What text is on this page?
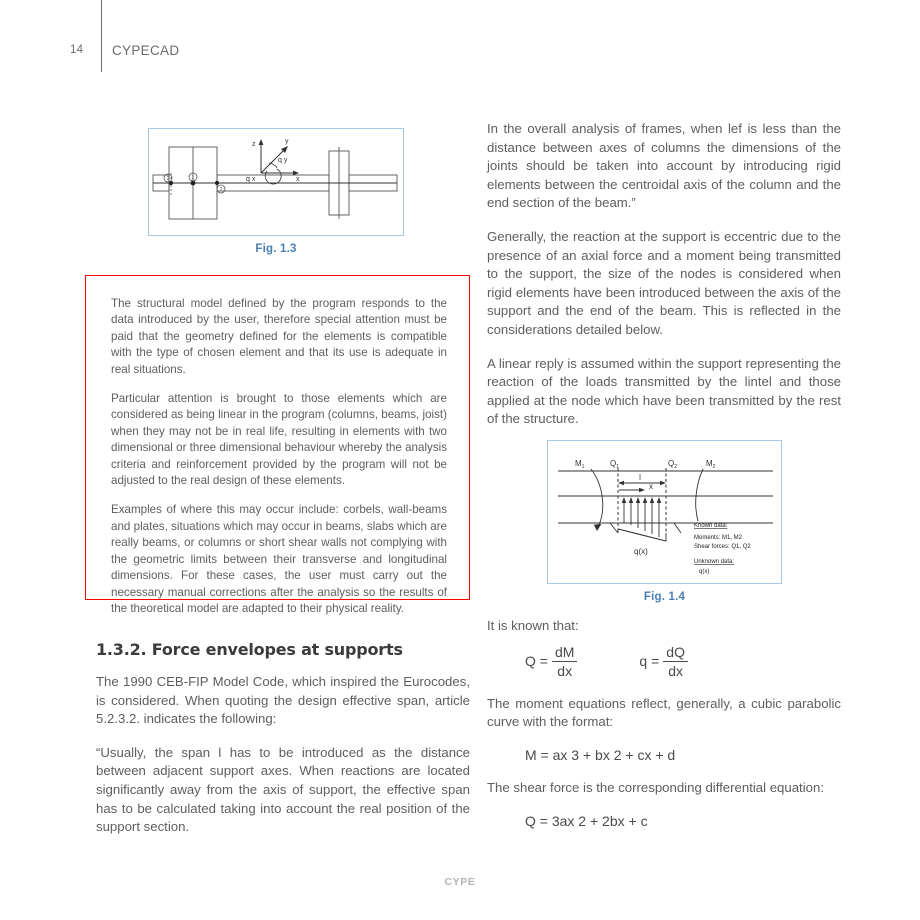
14 CYPECAD
2	1
2
z	y
x
q y
q x
Fig. 1.3

The structural model defined by the program responds to the data introduced by the user, therefore special attention must be paid that the geometry defined for the elements is compatible with the type of chosen element and that its use is adequate in real situations.

Particular attention is brought to those elements which are considered as being linear in the program (columns, beams, joist) when they may not be in real life, resulting in elements with two dimensional or three dimensional behaviour whereby the analysis criteria and reinforcement provided by the program will not be adjusted to the real design of these elements.

Examples of where this may occur include: corbels, wall-beams and plates, situations which may occur in beams, slabs which are really beams, or columns or short shear walls not complying with the geometric limits between their transverse and longitudinal dimensions. For these cases, the user must carry out the necessary manual corrections after the analysis so the results of the theoretical model are adapted to their physical reality.

1.3.2. Force envelopes at supports

The 1990 CEB-FIP Model Code, which inspired the Eurocodes, is considered. When quoting the design effective span, article 5.2.3.2. indicates the following:

“Usually, the span l has to be introduced as the distance between adjacent support axes. When reactions are located significantly away from the axis of support, the effective span has to be calculated taking into account the real position of the support section.

In the overall analysis of frames, when lef is less than the distance between axes of columns the dimensions of the joints should be taken into account by introducing rigid elements between the centroidal axis of the column and the end section of the beam.”

Generally, the reaction at the support is eccentric due to the presence of an axial force and a moment being transmitted to the support, the size of the nodes is considered when rigid elements have been introduced between the axis of the support and the end of the beam. This is reflected in the considerations detailed below.

A linear reply is assumed within the support representing the reaction of the loads transmitted by the lintel and those applied at the node which have been transmitted by the rest of the structure.

$M_1$	$Q_1$	$Q_2$	$M_2$
l
x
q(x)
Known data:
Moments: M1, M2
Shear forces: Q1, Q2
Unknown data:
q(x)
Fig. 1.4

It is known that:

$Q = \frac{dM}{dx}$	$q = \frac{dQ}{dx}$

The moment equations reflect, generally, a cubic parabolic curve with the format:

M = ax 3 + bx 2 + cx + d

The shear force is the corresponding differential equation:

Q = 3ax 2 + 2bx + c
CYPE
